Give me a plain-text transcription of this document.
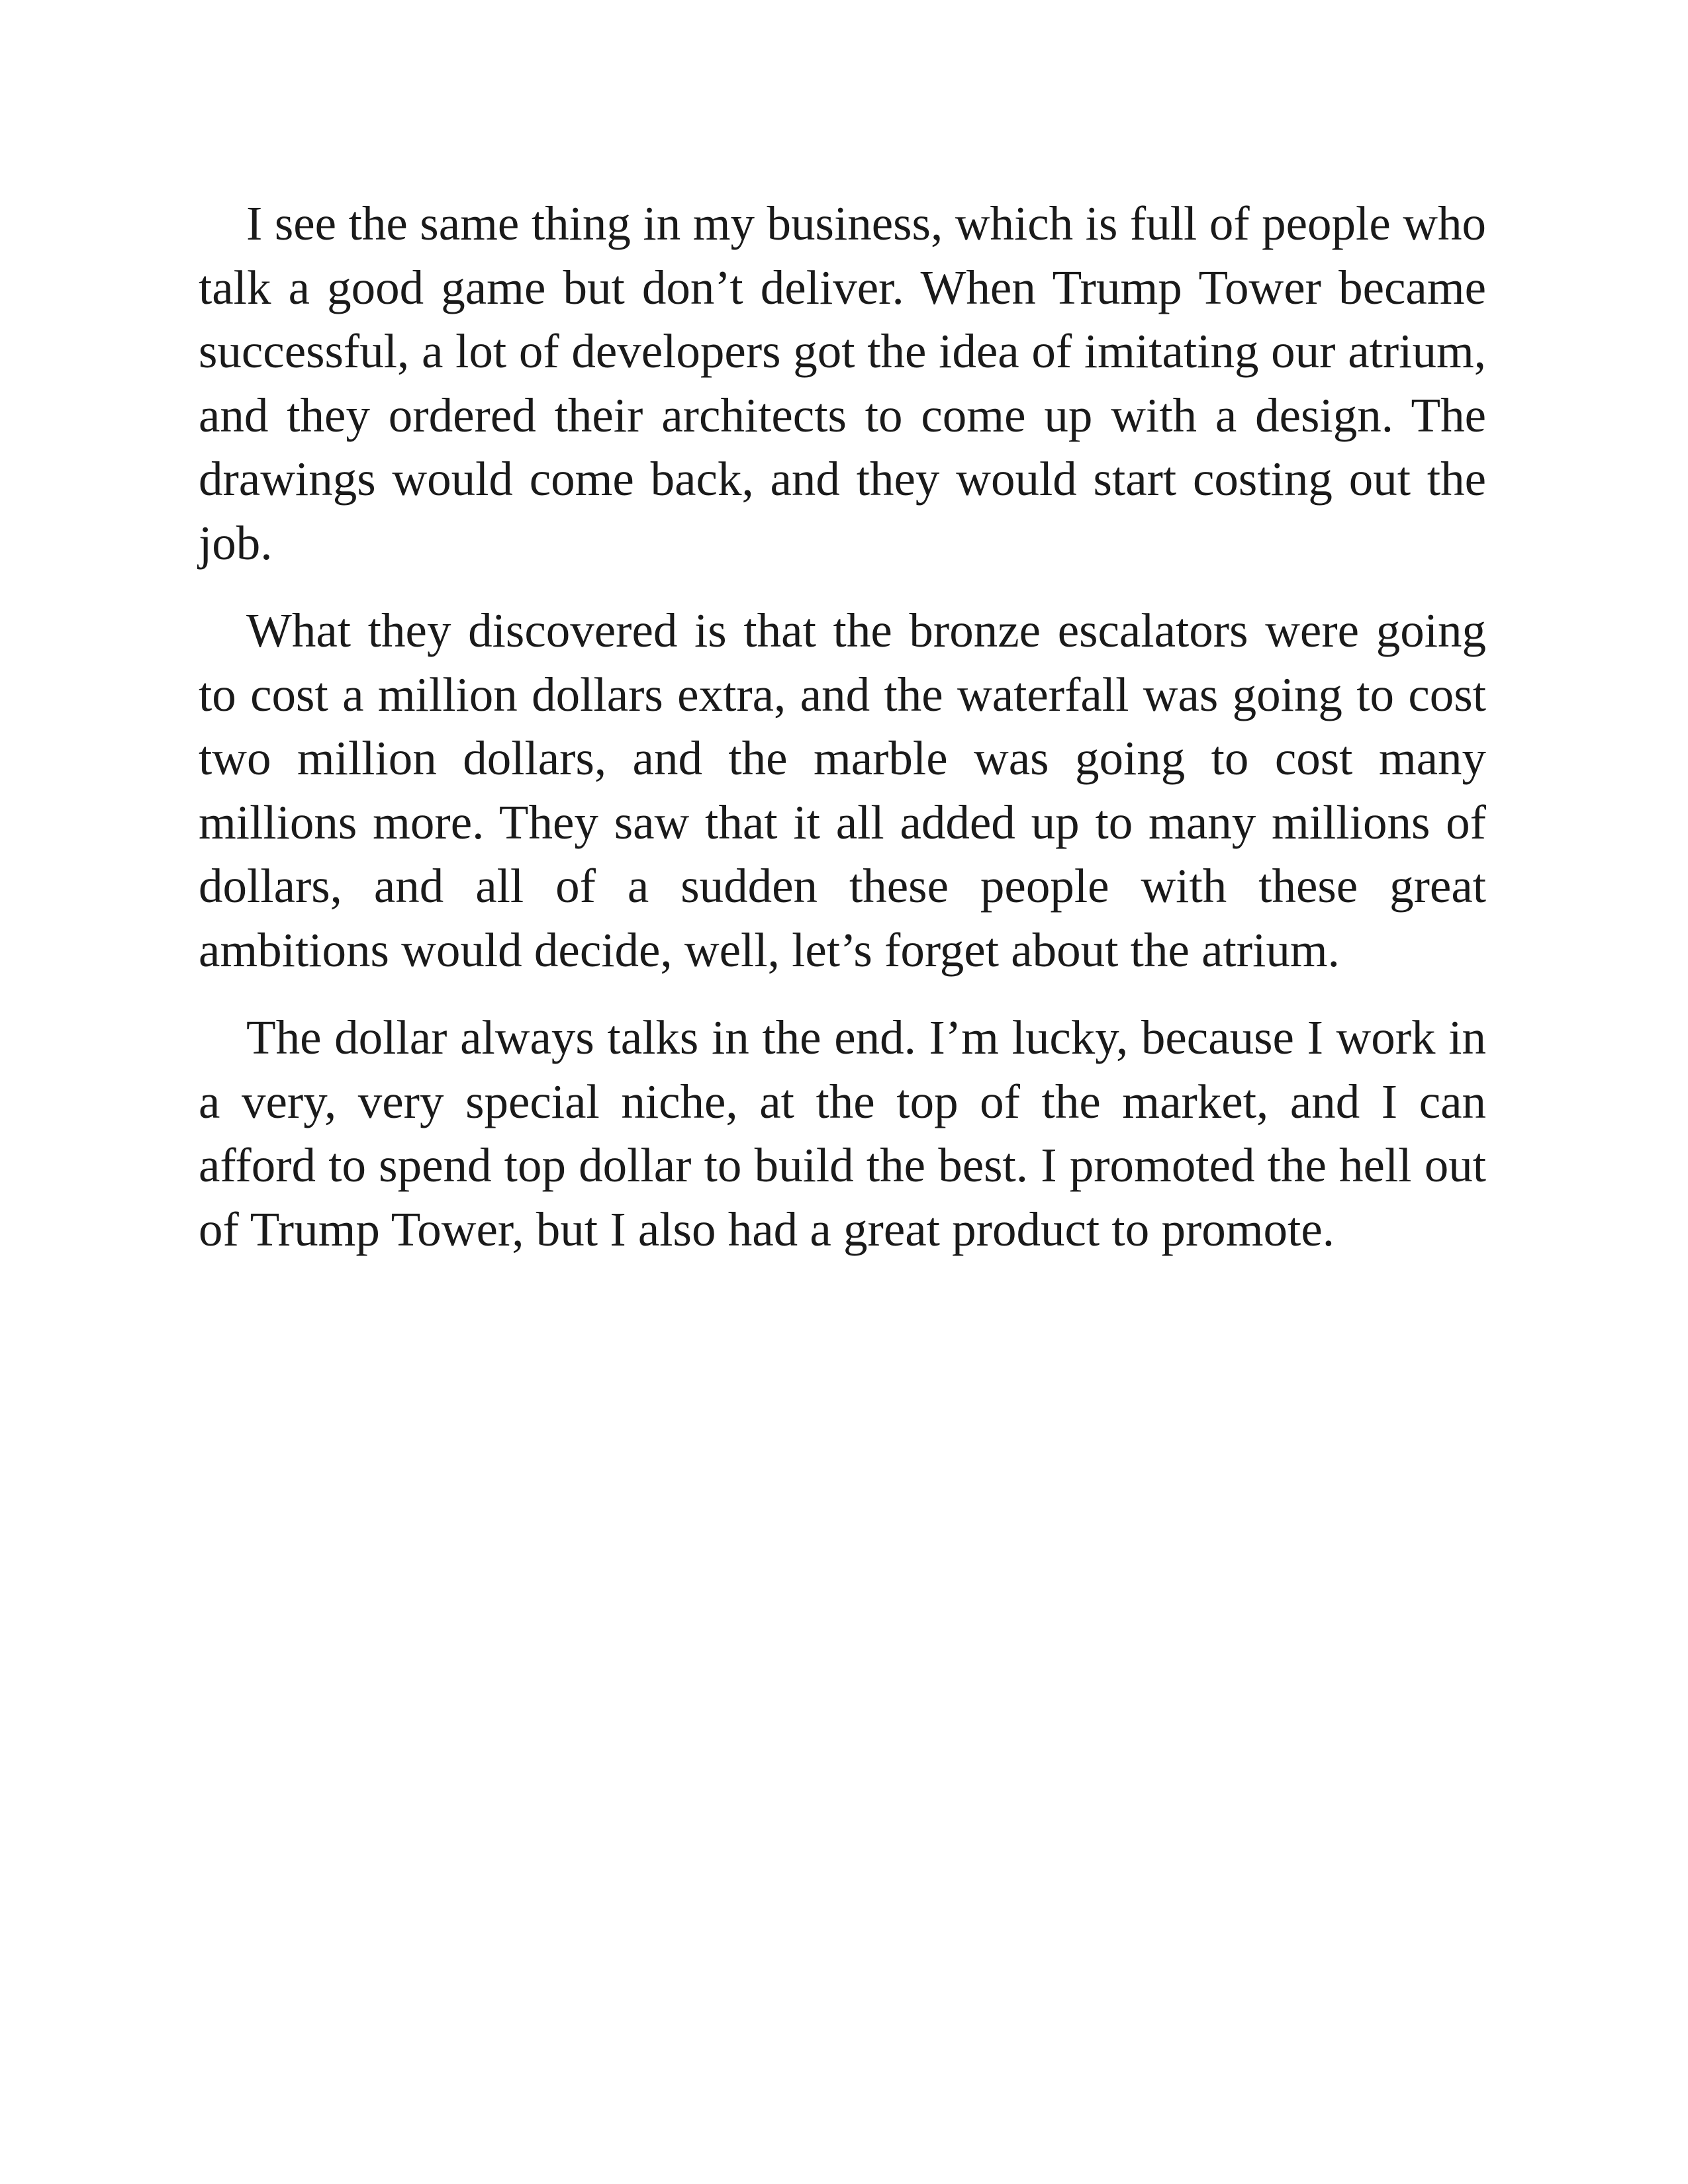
I see the same thing in my business, which is full of people who talk a good game but don’t deliver. When Trump Tower became successful, a lot of developers got the idea of imitating our atrium, and they ordered their architects to come up with a design. The drawings would come back, and they would start costing out the job.

What they discovered is that the bronze escalators were going to cost a million dollars extra, and the waterfall was going to cost two million dollars, and the marble was going to cost many millions more. They saw that it all added up to many millions of dollars, and all of a sudden these people with these great ambitions would decide, well, let’s forget about the atrium.

The dollar always talks in the end. I’m lucky, because I work in a very, very special niche, at the top of the market, and I can afford to spend top dollar to build the best. I promoted the hell out of Trump Tower, but I also had a great product to promote.
